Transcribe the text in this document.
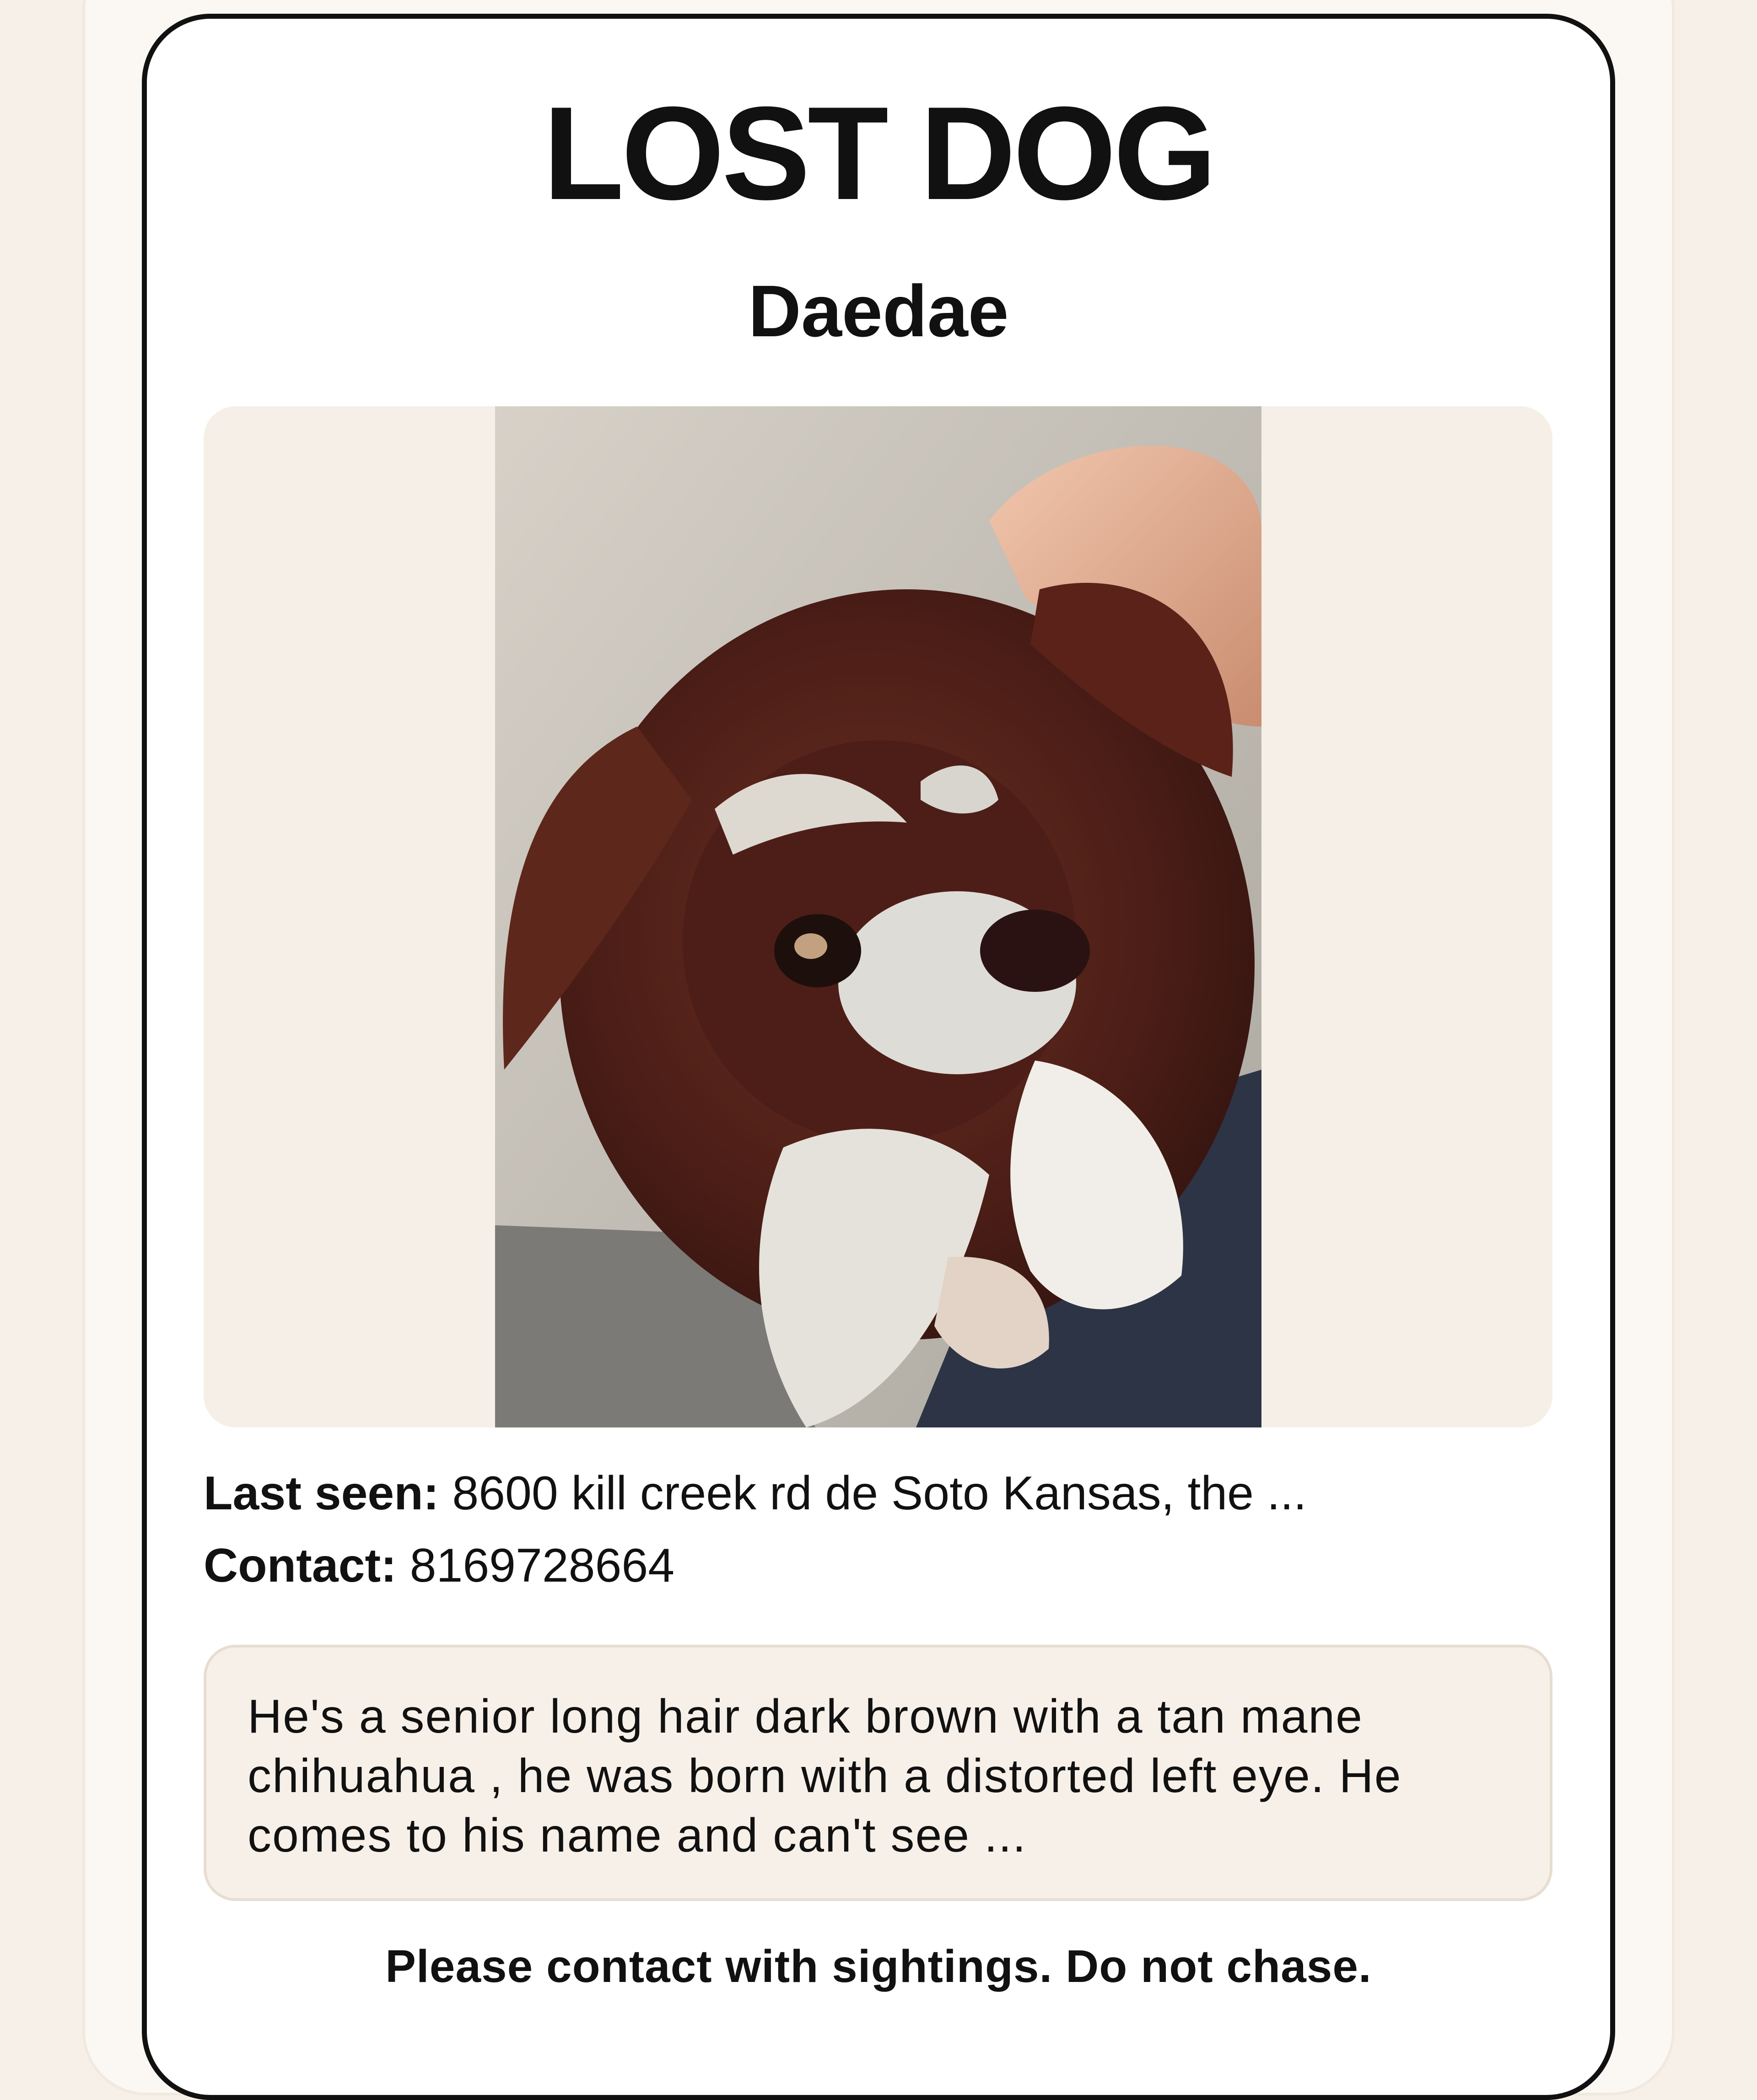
LOST DOG
Daedae
Last seen: 8600 kill creek rd de Soto Kansas, the ...
Contact: 8169728664
He's a senior long hair dark brown with a tan mane chihuahua , he was born with a distorted left eye. He comes to his name and can't see ...
Please contact with sightings. Do not chase.
